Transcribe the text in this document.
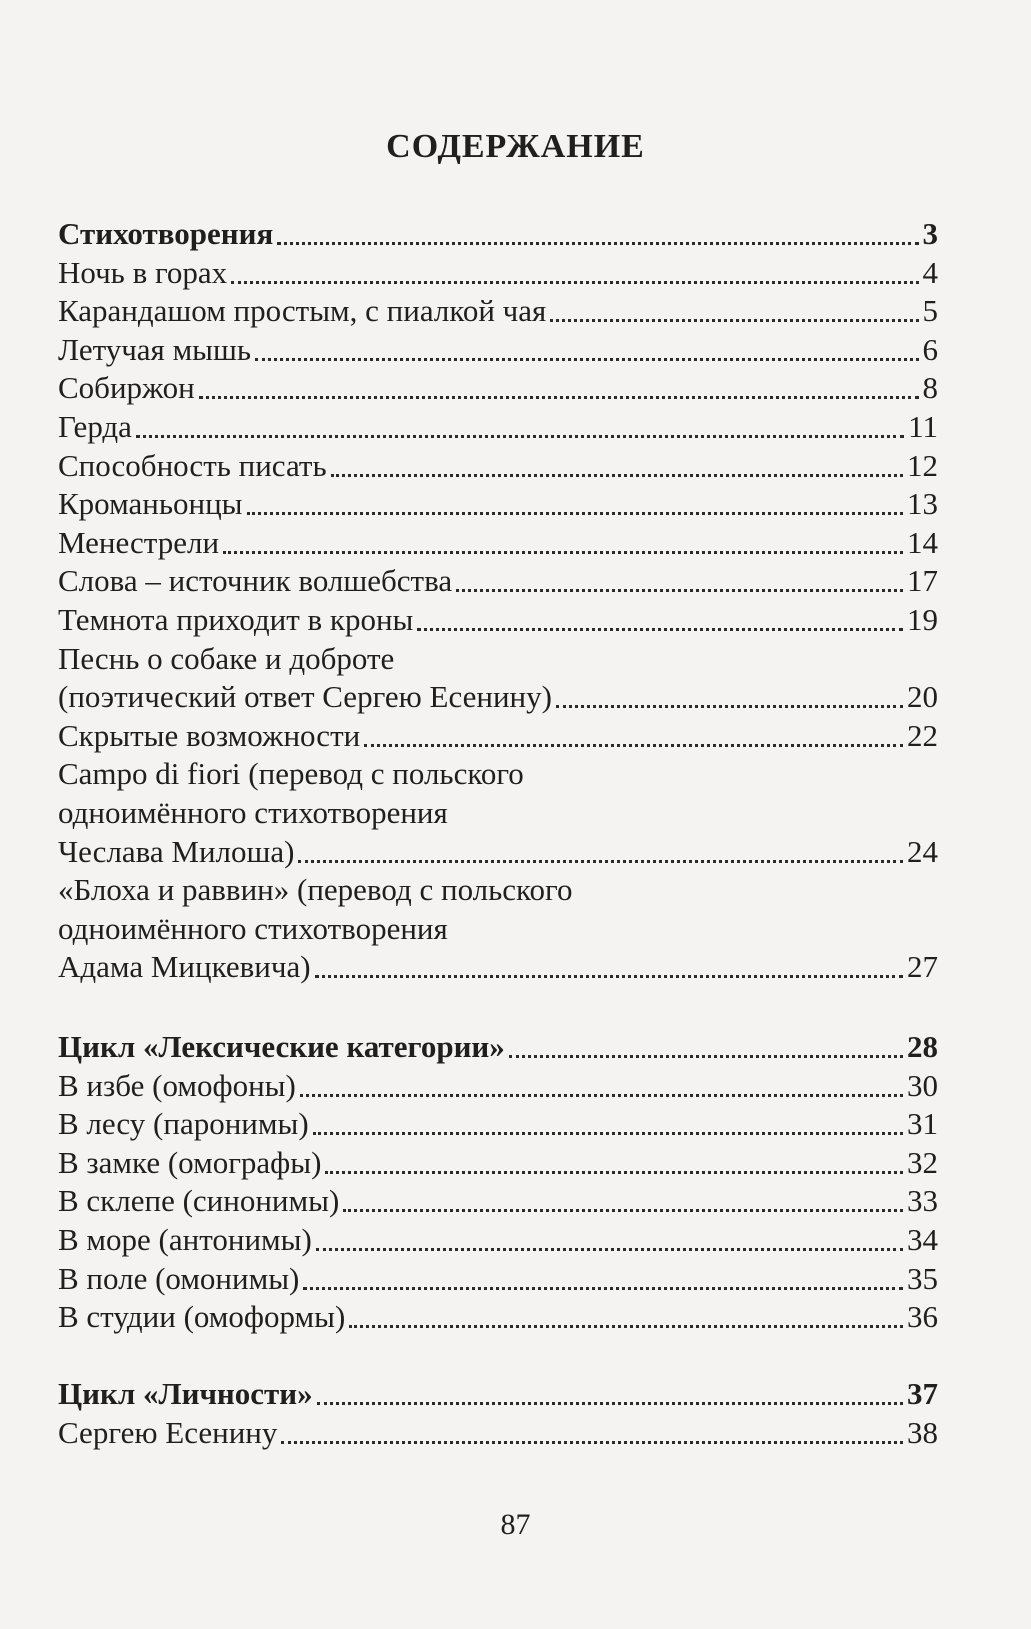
СОДЕРЖАНИЕ
Стихотворения	3
Ночь в горах	4
Карандашом простым, с пиалкой чая	5
Летучая мышь	6
Собиржон	8
Герда	11
Способность писать	12
Кроманьонцы	13
Менестрели	14
Слова – источник волшебства	17
Темнота приходит в кроны	19
Песнь о собаке и доброте
(поэтический ответ Сергею Есенину)	20
Скрытые возможности	22
Campo di fiori (перевод с польского
одноимённого стихотворения
Чеслава Милоша)	24
«Блоха и раввин» (перевод с польского
одноимённого стихотворения
Адама Мицкевича)	27
Цикл «Лексические категории»	28
В избе (омофоны)	30
В лесу (паронимы)	31
В замке (омографы)	32
В склепе (синонимы)	33
В море (антонимы)	34
В поле (омонимы)	35
В студии (омоформы)	36
Цикл «Личности»	37
Сергею Есенину	38
87
